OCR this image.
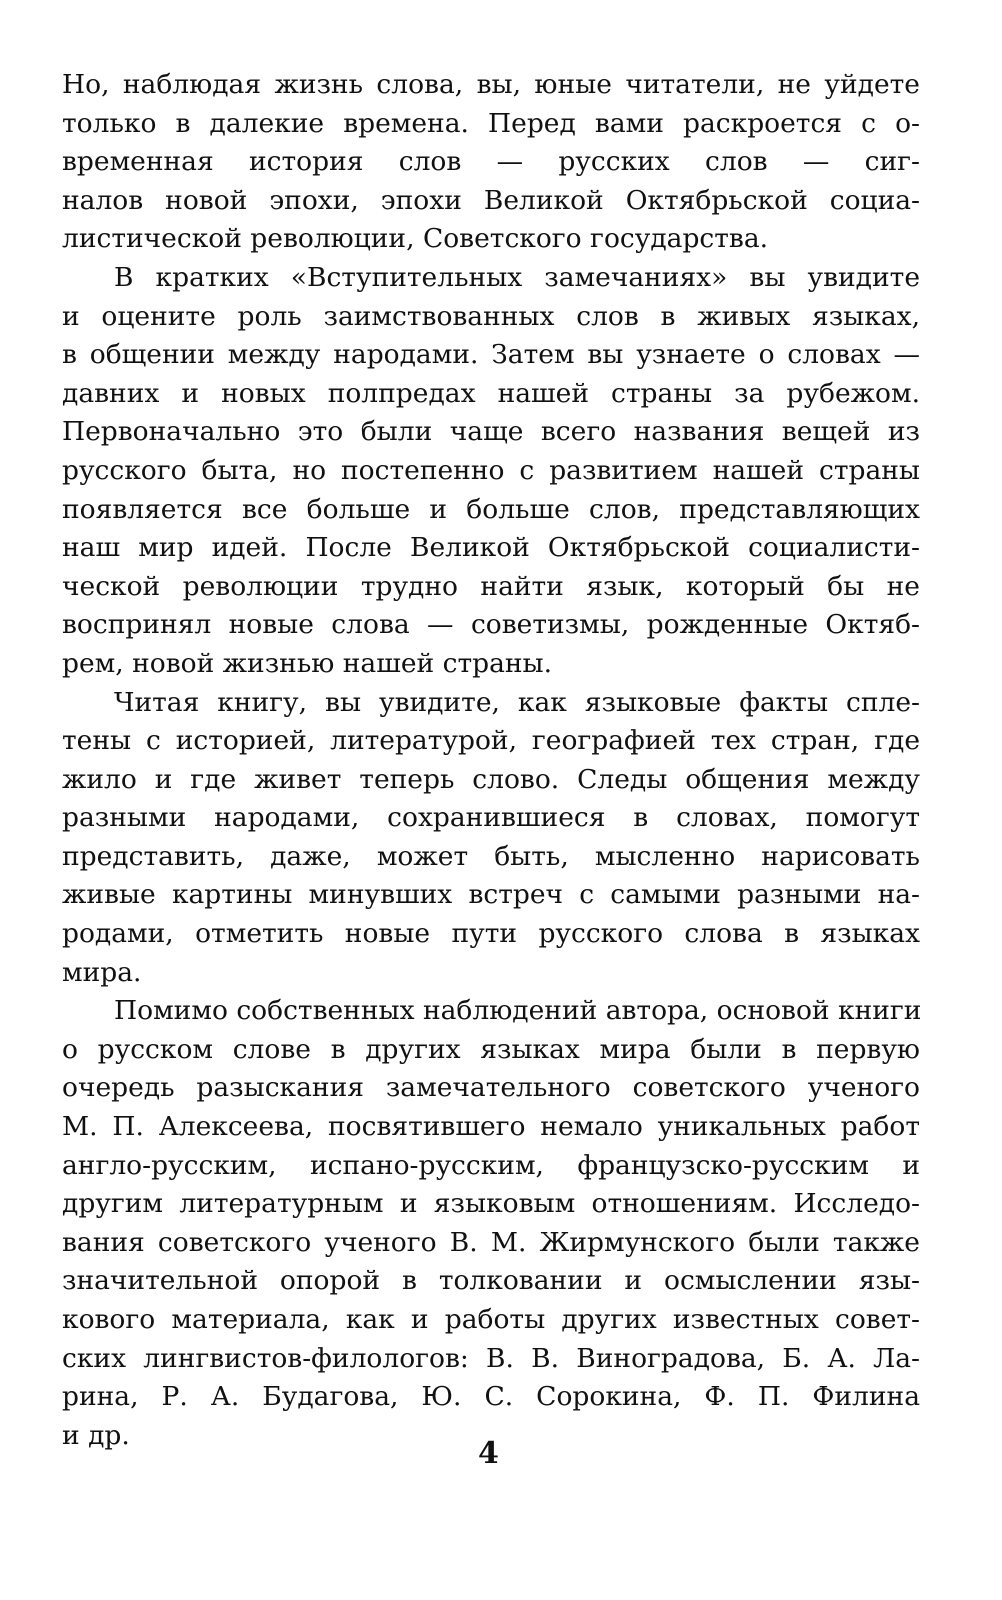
Но, наблюдая жизнь слова, вы, юные читатели, не уйдете
только в далекие времена. Перед вами раскроется с о-
временная история слов — русских слов — сиг-
налов новой эпохи, эпохи Великой Октябрьской социа-
листической революции, Советского государства.
В кратких «Вступительных замечаниях» вы увидите
и оцените роль заимствованных слов в живых языках,
в общении между народами. Затем вы узнаете о словах —
давних и новых полпредах нашей страны за рубежом.
Первоначально это были чаще всего названия вещей из
русского быта, но постепенно с развитием нашей страны
появляется все больше и больше слов, представляющих
наш мир идей. После Великой Октябрьской социалисти-
ческой революции трудно найти язык, который бы не
воспринял новые слова — советизмы, рожденные Октяб-
рем, новой жизнью нашей страны.
Читая книгу, вы увидите, как языковые факты спле-
тены с историей, литературой, географией тех стран, где
жило и где живет теперь слово. Следы общения между
разными народами, сохранившиеся в словах, помогут
представить, даже, может быть, мысленно нарисовать
живые картины минувших встреч с самыми разными на-
родами, отметить новые пути русского слова в языках
мира.
Помимо собственных наблюдений автора, основой книги
о русском слове в других языках мира были в первую
очередь разыскания замечательного советского ученого
М. П. Алексеева, посвятившего немало уникальных работ
англо-русским, испано-русским, французско-русским и
другим литературным и языковым отношениям. Исследо-
вания советского ученого В. М. Жирмунского были также
значительной опорой в толковании и осмыслении язы-
кового материала, как и работы других известных совет-
ских лингвистов-филологов: В. В. Виноградова, Б. А. Ла-
рина, Р. А. Будагова, Ю. С. Сорокина, Ф. П. Филина
и др.
4
